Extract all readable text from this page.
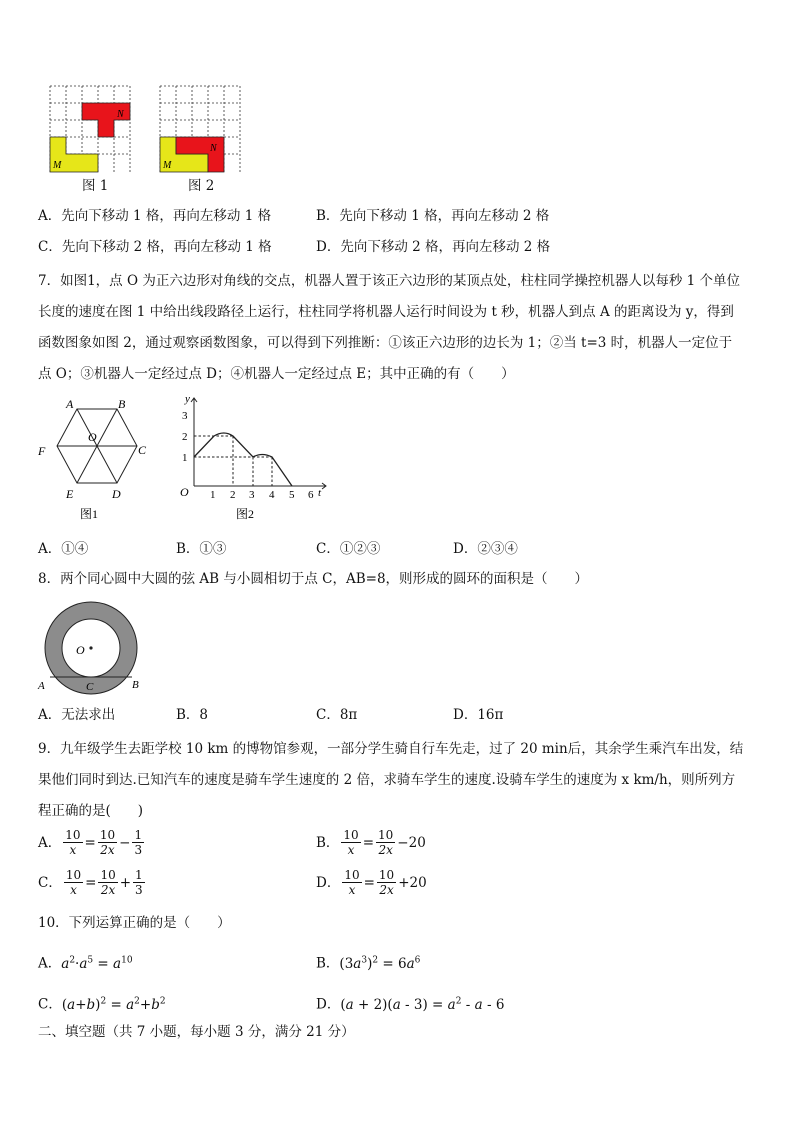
N
M
图 1
N
M
图 2
A．先向下移动 1 格，再向左移动 1 格	B．先向下移动 1 格，再向左移动 2 格
C．先向下移动 2 格，再向左移动 1 格	D．先向下移动 2 格，再向左移动 2 格
7．如图1，点 O 为正六边形对角线的交点，机器人置于该正六边形的某顶点处，柱柱同学操控机器人以每秒 1 个单位
长度的速度在图 1 中给出线段路径上运行，柱柱同学将机器人运行时间设为 t 秒，机器人到点 A 的距离设为 y，得到
函数图象如图 2，通过观察函数图象，可以得到下列推断：①该正六边形的边长为 1；②当 t=3 时，机器人一定位于
点 O；③机器人一定经过点 D；④机器人一定经过点 E；其中正确的有（　　）
A	B
C
D
E
F
O
图1
y
t
O
1
2
3
1 2 3 4 5 6
图2
A．①④	B．①③	C．①②③	D．②③④
8．两个同心圆中大圆的弦 AB 与小圆相切于点 C，AB=8，则形成的圆环的面积是（　　）
O
A	B
C
A．无法求出	B．8	C．8π	D．16π
9．九年级学生去距学校 10 km 的博物馆参观，一部分学生骑自行车先走，过了 20 min后，其余学生乘汽车出发，结
果他们同时到达.已知汽车的速度是骑车学生速度的 2 倍，求骑车学生的速度.设骑车学生的速度为 x km/h，则所列方
程正确的是(　　)
A． $\frac{10}{x} = \frac{10}{2x} - \frac{1}{3}$	B． $\frac{10}{x} = \frac{10}{2x} -20$
C． $\frac{10}{x} = \frac{10}{2x} + \frac{1}{3}$	D． $\frac{10}{x} = \frac{10}{2x} +20$
10．下列运算正确的是（　　）
A．$a^2\cdot a^5 = a^{10}$	B．$(3a^3)^2 = 6a^6$
C．$(a+b)^2 = a^2+b^2$	D．$(a + 2)(a - 3) = a^2 - a - 6$
二、填空题（共 7 小题，每小题 3 分，满分 21 分）
